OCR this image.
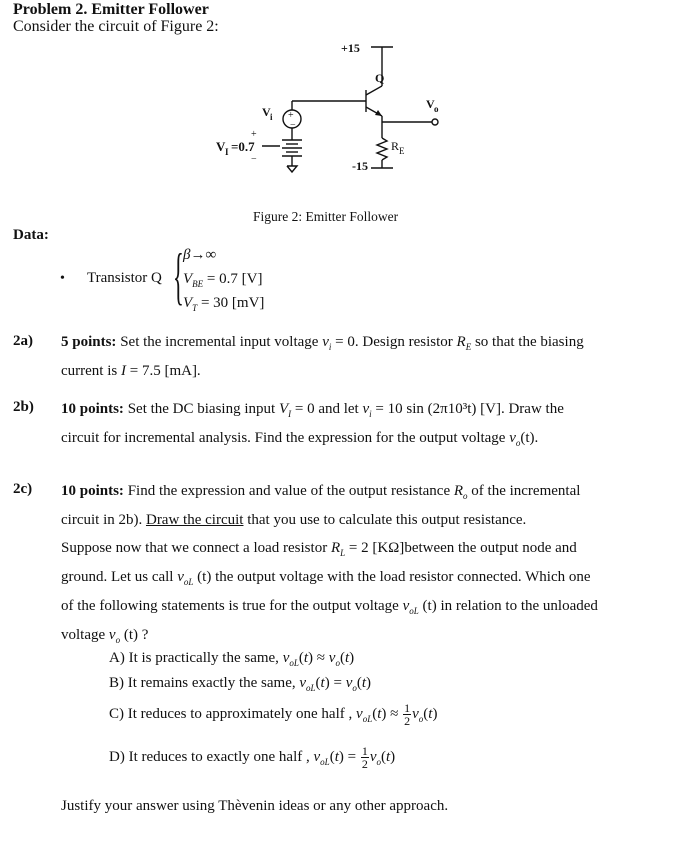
Problem 2. Emitter Follower
Consider the circuit of Figure 2:
+
−
+15
-15
Q
V i
V o
R E
V I =0.7
+
−
Figure 2: Emitter Follower
Data:
• Transistor Q { β→∞
$V_{BE} = 0.7$ [V]
$V_T = 30$ [mV]
2a) 5 points: Set the incremental input voltage $v_i = 0$. Design resistor $R_E$ so that the biasing
current is I = 7.5 [mA].
2b) 10 points: Set the DC biasing input $V_I = 0$ and let $v_i = 10$ sin (2π10³t) [V]. Draw the
circuit for incremental analysis. Find the expression for the output voltage $v_o(t)$.
2c) 10 points: Find the expression and value of the output resistance $R_o$ of the incremental
circuit in 2b). Draw the circuit that you use to calculate this output resistance.
Suppose now that we connect a load resistor $R_L = 2$ [KΩ]between the output node and
ground. Let us call $v_{oL}$ (t) the output voltage with the load resistor connected. Which one
of the following statements is true for the output voltage $v_{oL}$ (t) in relation to the unloaded
voltage $v_o$ (t) ?
A) It is practically the same, $v_{oL}(t) \approx v_o(t)$
B) It remains exactly the same, $v_{oL}(t) = v_o(t)$
C) It reduces to approximately one half , $v_{oL}(t) \approx \frac{1}{2} v_o(t)$
D) It reduces to exactly one half , $v_{oL}(t) = \frac{1}{2} v_o(t)$
Justify your answer using Thèvenin ideas or any other approach.
